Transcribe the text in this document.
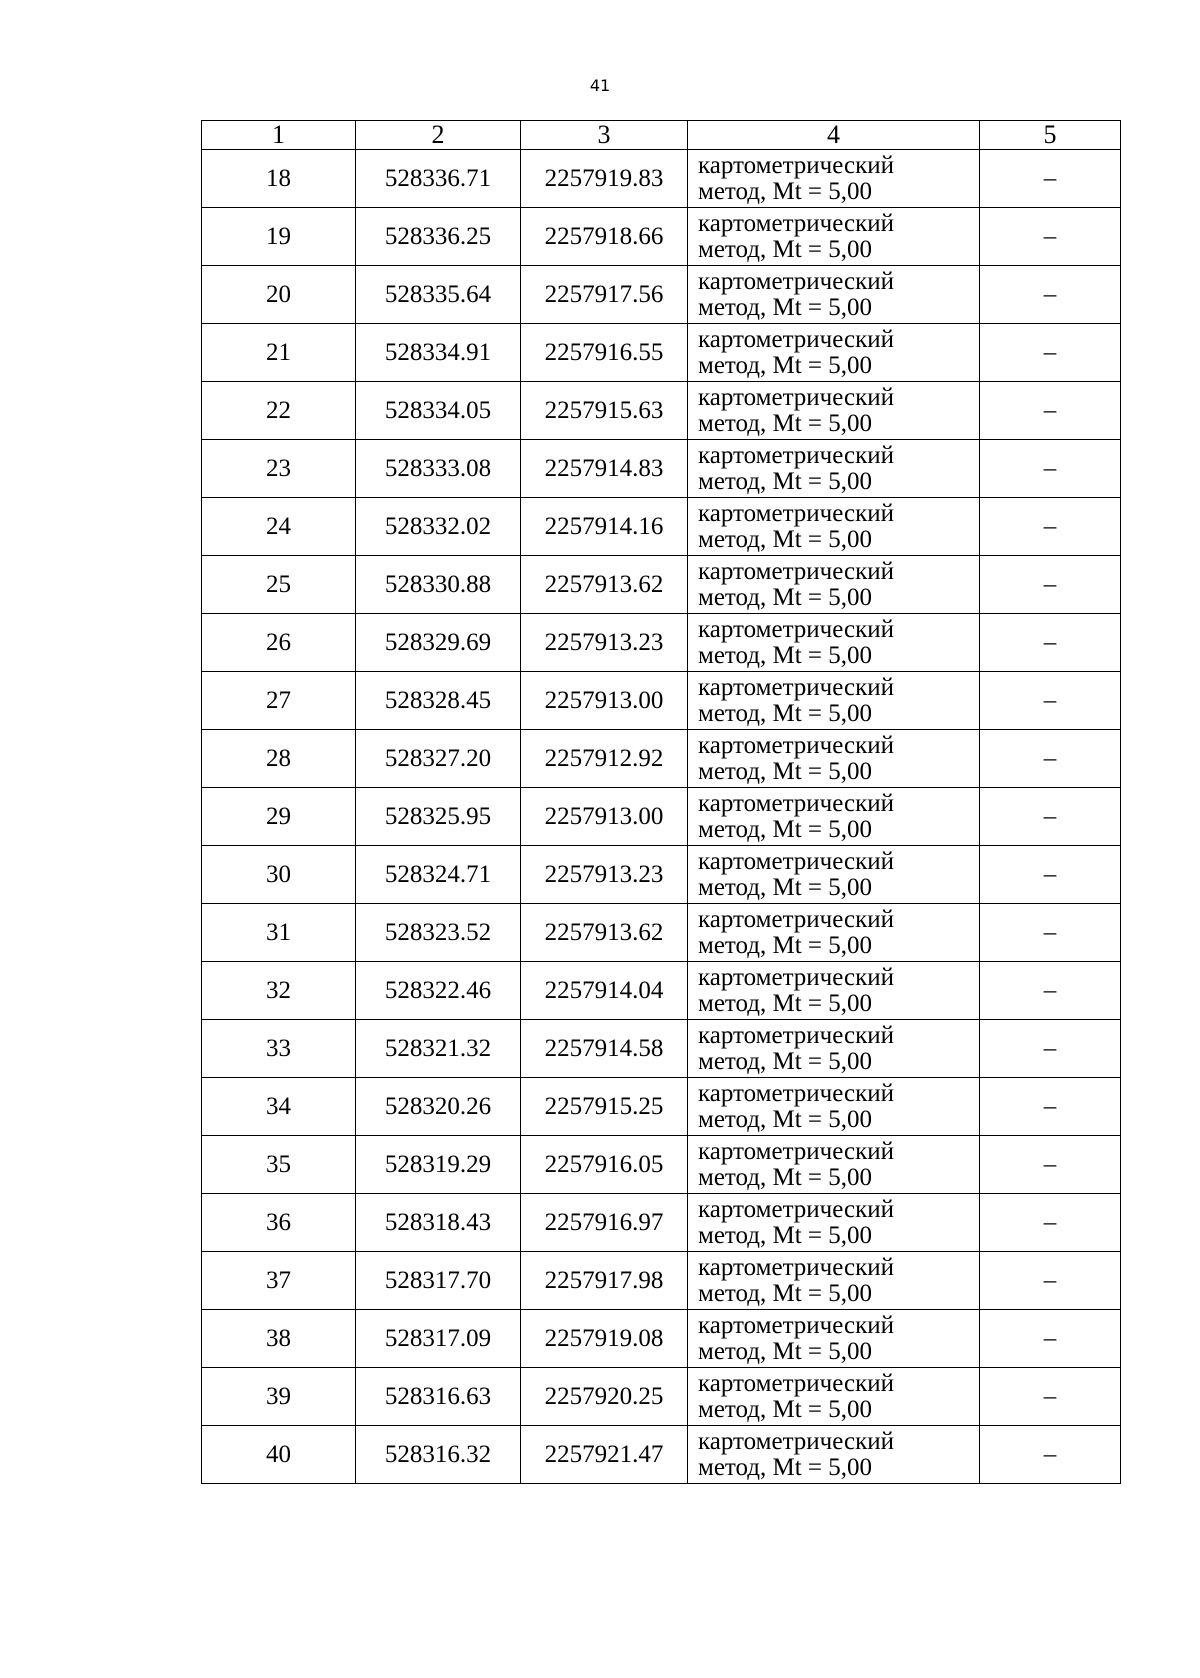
41
1	2	3	4	5
18	528336.71	2257919.83	картометрический
метод, Mt = 5,00	–
19	528336.25	2257918.66	картометрический
метод, Mt = 5,00	–
20	528335.64	2257917.56	картометрический
метод, Mt = 5,00	–
21	528334.91	2257916.55	картометрический
метод, Mt = 5,00	–
22	528334.05	2257915.63	картометрический
метод, Mt = 5,00	–
23	528333.08	2257914.83	картометрический
метод, Mt = 5,00	–
24	528332.02	2257914.16	картометрический
метод, Mt = 5,00	–
25	528330.88	2257913.62	картометрический
метод, Mt = 5,00	–
26	528329.69	2257913.23	картометрический
метод, Mt = 5,00	–
27	528328.45	2257913.00	картометрический
метод, Mt = 5,00	–
28	528327.20	2257912.92	картометрический
метод, Mt = 5,00	–
29	528325.95	2257913.00	картометрический
метод, Mt = 5,00	–
30	528324.71	2257913.23	картометрический
метод, Mt = 5,00	–
31	528323.52	2257913.62	картометрический
метод, Mt = 5,00	–
32	528322.46	2257914.04	картометрический
метод, Mt = 5,00	–
33	528321.32	2257914.58	картометрический
метод, Mt = 5,00	–
34	528320.26	2257915.25	картометрический
метод, Mt = 5,00	–
35	528319.29	2257916.05	картометрический
метод, Mt = 5,00	–
36	528318.43	2257916.97	картометрический
метод, Mt = 5,00	–
37	528317.70	2257917.98	картометрический
метод, Mt = 5,00	–
38	528317.09	2257919.08	картометрический
метод, Mt = 5,00	–
39	528316.63	2257920.25	картометрический
метод, Mt = 5,00	–
40	528316.32	2257921.47	картометрический
метод, Mt = 5,00	–
